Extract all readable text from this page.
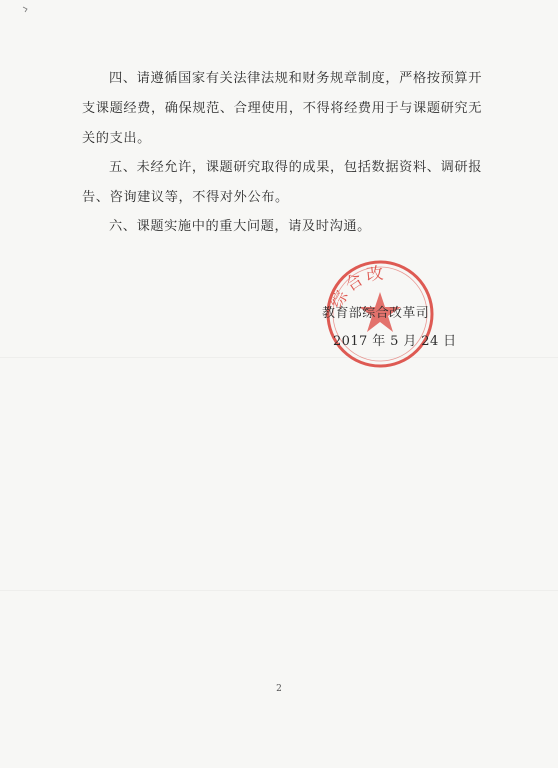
四、请遵循国家有关法律法规和财务规章制度，严格按预算开支课题经费，确保规范、合理使用，不得将经费用于与课题研究无关的支出。

五、未经允许，课题研究取得的成果，包括数据资料、调研报告、咨询建议等，不得对外公布。

六、课题实施中的重大问题，请及时沟通。

综合改
教育部综合改革司
2017 年 5 月 24 日
2
